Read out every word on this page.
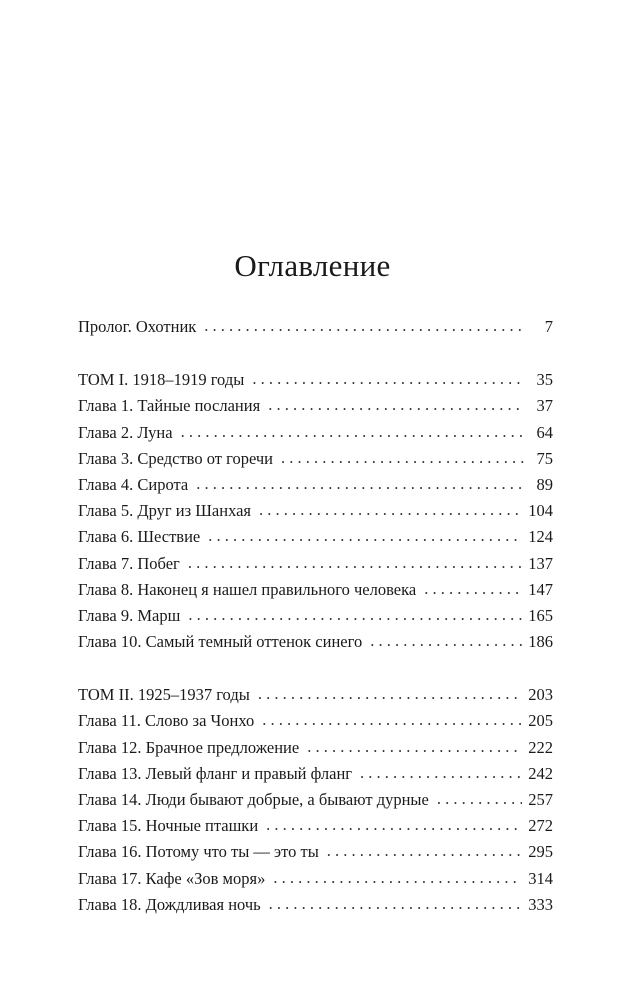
Оглавление
Пролог. Охотник . . .	7
ТОМ I. 1918–1919 годы . . .	35
Глава 1. Тайные послания . . .	37
Глава 2. Луна . . .	64
Глава 3. Средство от горечи . . .	75
Глава 4. Сирота . . .	89
Глава 5. Друг из Шанхая . . .	104
Глава 6. Шествие . . .	124
Глава 7. Побег . . .	137
Глава 8. Наконец я нашел правильного человека . . .	147
Глава 9. Марш . . .	165
Глава 10. Самый темный оттенок синего . . .	186
ТОМ II. 1925–1937 годы . . .	203
Глава 11. Слово за Чонхо . . .	205
Глава 12. Брачное предложение . . .	222
Глава 13. Левый фланг и правый фланг . . .	242
Глава 14. Люди бывают добрые, а бывают дурные . . .	257
Глава 15. Ночные пташки . . .	272
Глава 16. Потому что ты — это ты . . .	295
Глава 17. Кафе «Зов моря» . . .	314
Глава 18. Дождливая ночь . . .	333
